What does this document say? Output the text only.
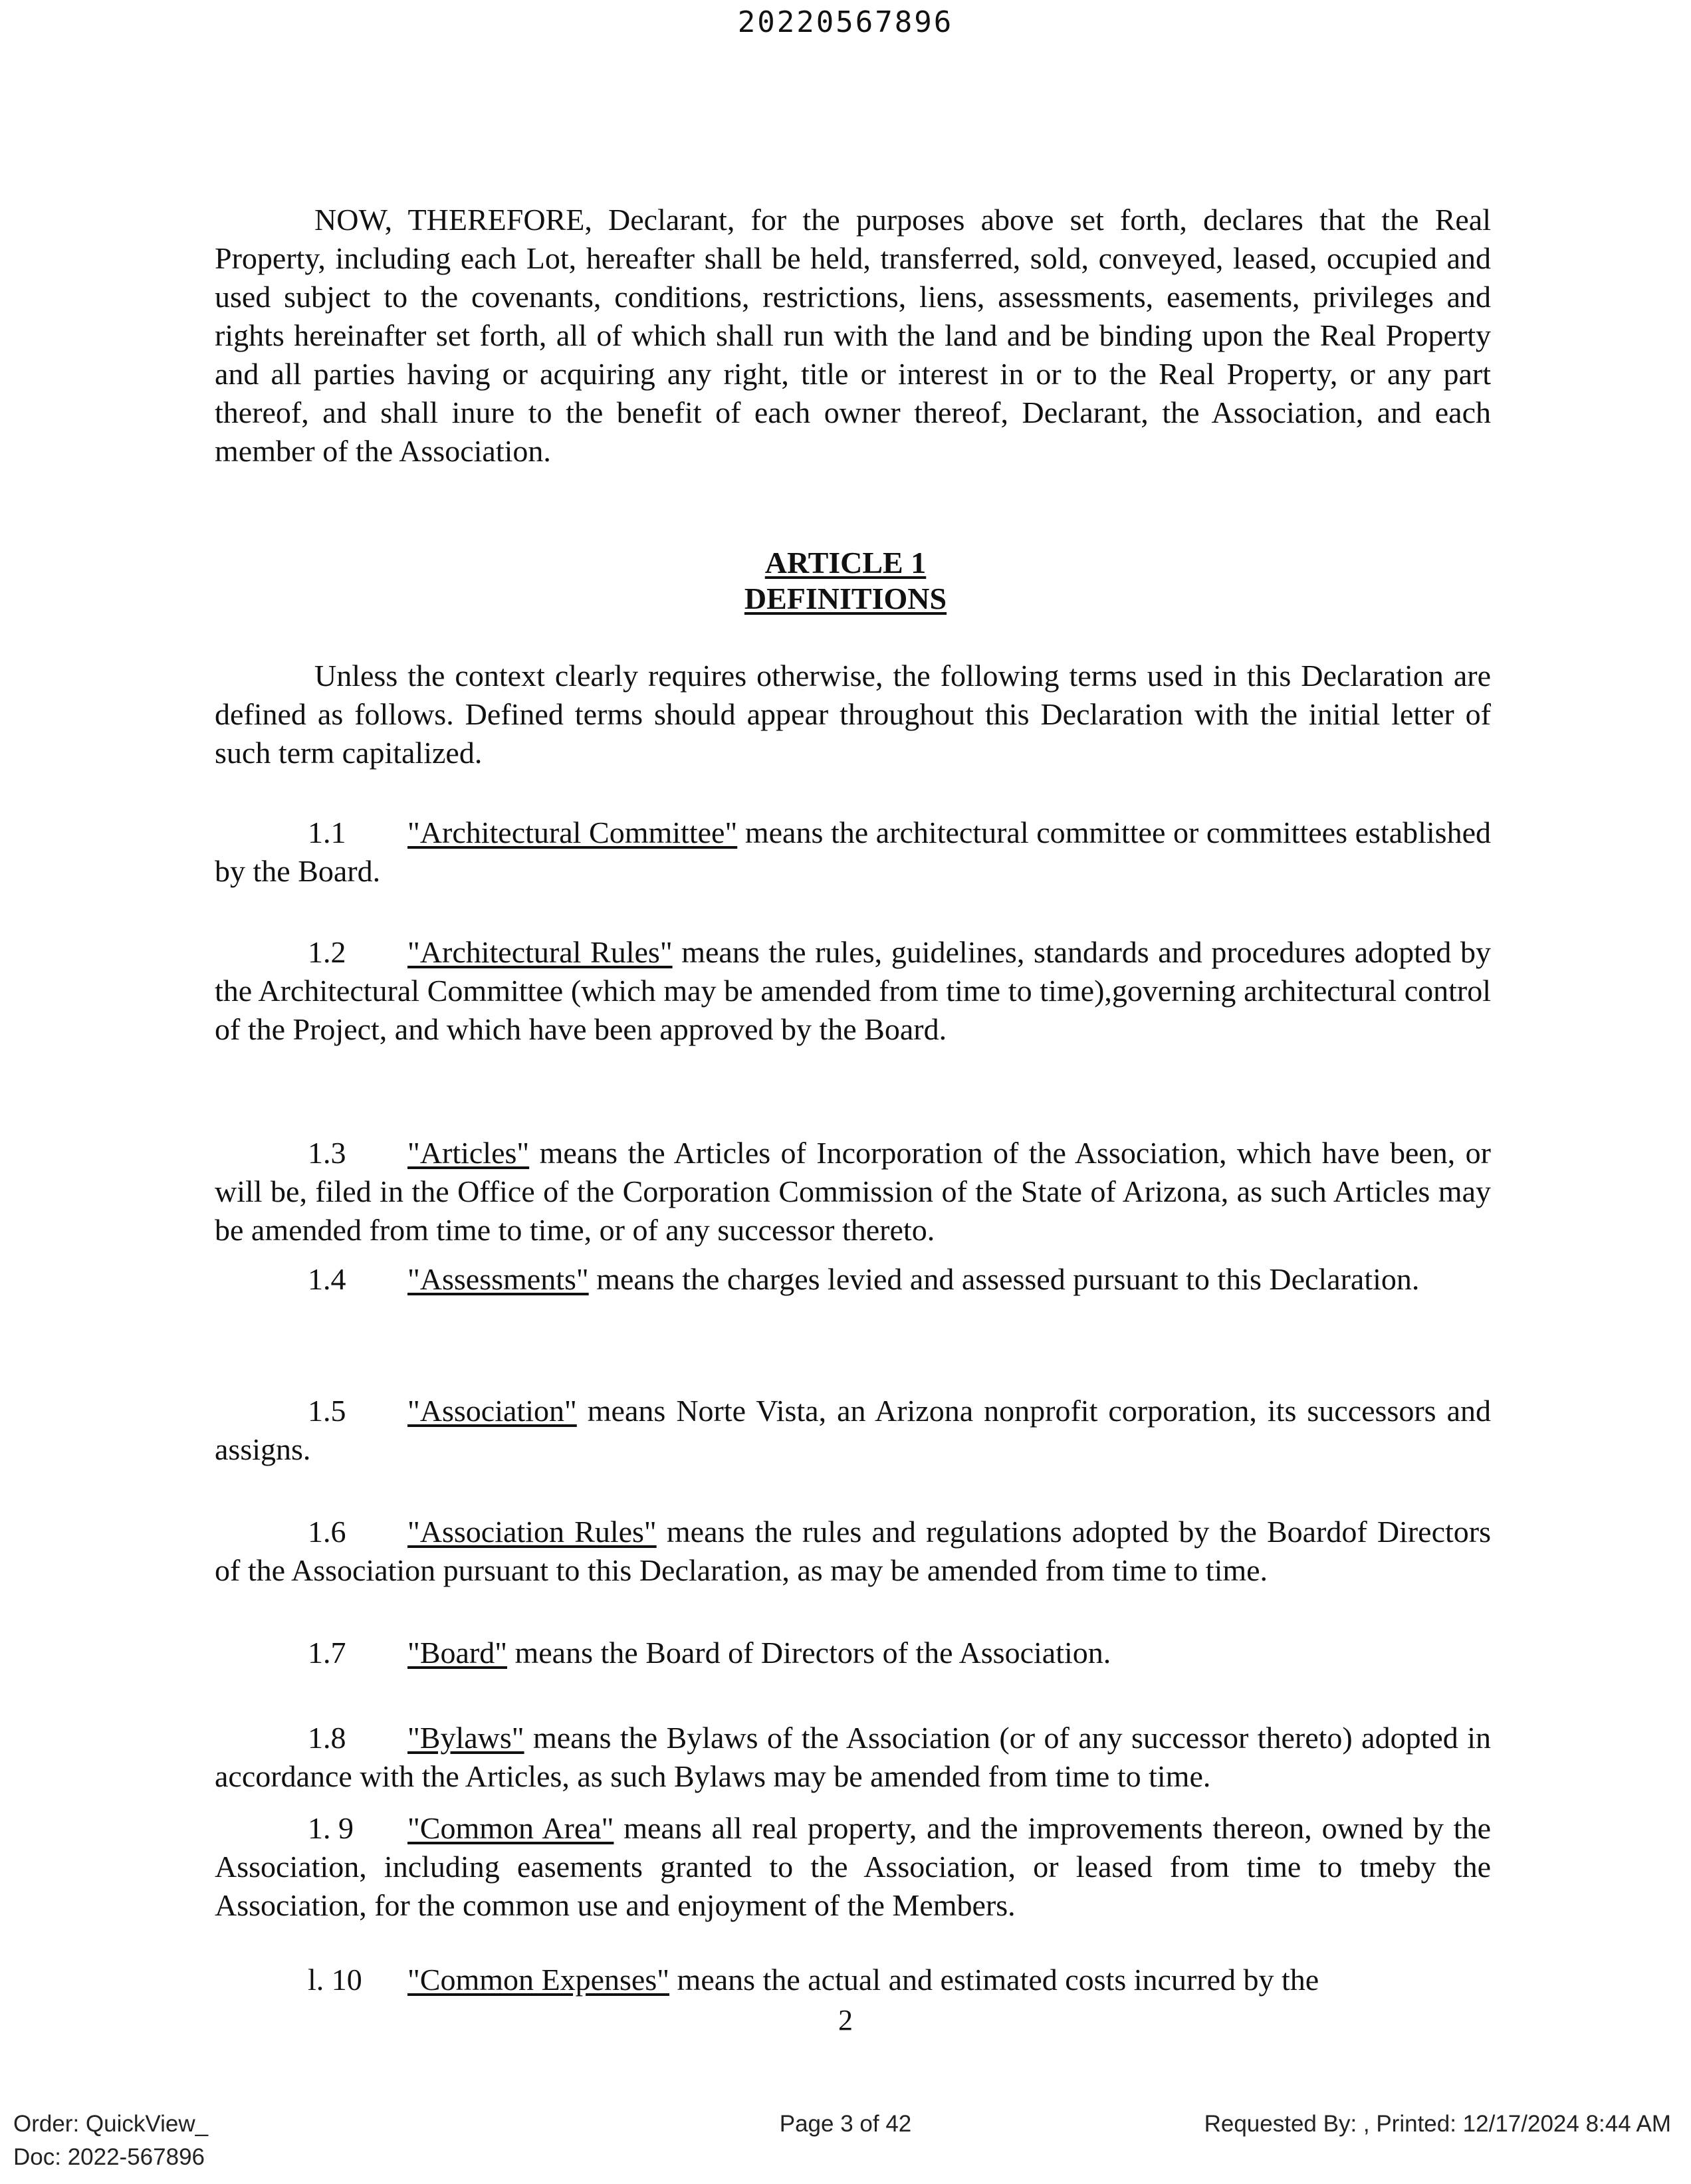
20220567896

NOW, THEREFORE, Declarant, for the purposes above set forth, declares that the Real Property, including each Lot, hereafter shall be held, transferred, sold, conveyed, leased, occupied and used subject to the covenants, conditions, restrictions, liens, assessments, easements, privileges and rights hereinafter set forth, all of which shall run with the land and be binding upon the Real Property and all parties having or acquiring any right, title or interest in or to the Real Property, or any part thereof, and shall inure to the benefit of each owner thereof, Declarant, the Association, and each member of the Association.

ARTICLE 1
DEFINITIONS

Unless the context clearly requires otherwise, the following terms used in this Declaration are defined as follows. Defined terms should appear throughout this Declaration with the initial letter of such term capitalized.

1.1 "Architectural Committee" means the architectural committee or committees established by the Board.

1.2 "Architectural Rules" means the rules, guidelines, standards and procedures adopted by the Architectural Committee (which may be amended from time to time),governing architectural control of the Project, and which have been approved by the Board.

1.3 "Articles" means the Articles of Incorporation of the Association, which have been, or will be, filed in the Office of the Corporation Commission of the State of Arizona, as such Articles may be amended from time to time, or of any successor thereto.

1.4 "Assessments" means the charges levied and assessed pursuant to this Declaration.

1.5 "Association" means Norte Vista, an Arizona nonprofit corporation, its successors and assigns.

1.6 "Association Rules" means the rules and regulations adopted by the Boardof Directors of the Association pursuant to this Declaration, as may be amended from time to time.

1.7 "Board" means the Board of Directors of the Association.

1.8 "Bylaws" means the Bylaws of the Association (or of any successor thereto) adopted in accordance with the Articles, as such Bylaws may be amended from time to time.

1. 9 "Common Area" means all real property, and the improvements thereon, owned by the Association, including easements granted to the Association, or leased from time to tmeby the Association, for the common use and enjoyment of the Members.

l. 10 "Common Expenses" means the actual and estimated costs incurred by the

2
Order: QuickView_
Doc: 2022-567896
Page 3 of 42	Requested By: , Printed: 12/17/2024 8:44 AM
